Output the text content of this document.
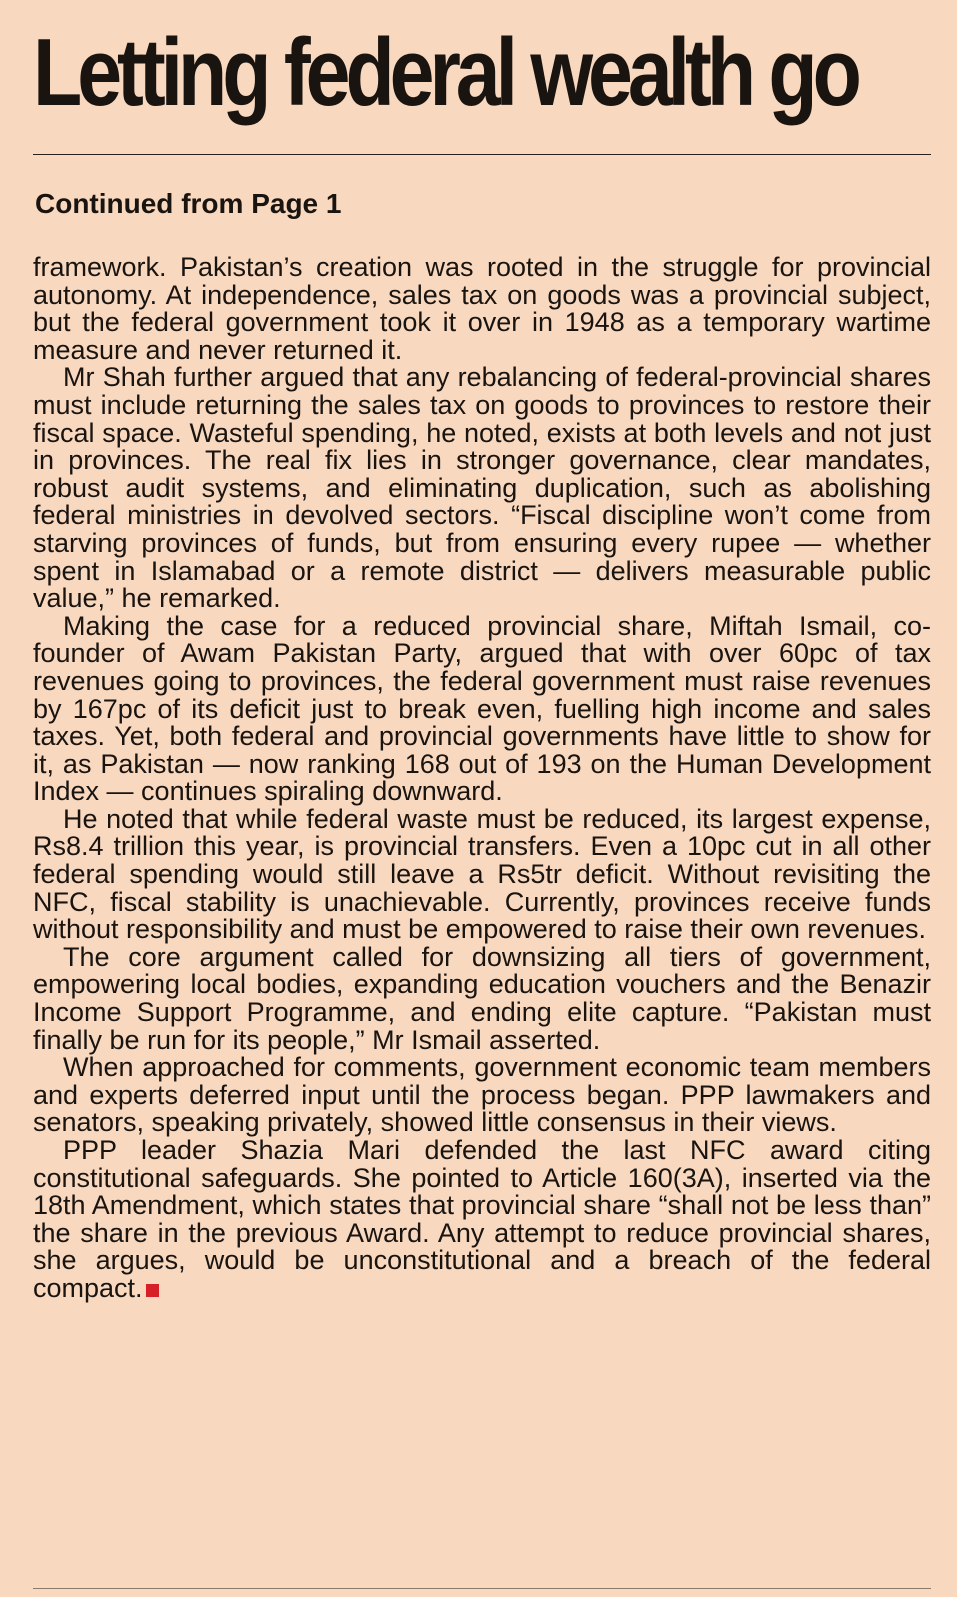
Letting federal wealth go
Continued from Page 1

framework. Pakistan’s creation was rooted in the struggle for provincial autonomy. At independence, sales tax on goods was a provincial subject, but the federal government took it over in 1948 as a temporary wartime measure and never returned it.

Mr Shah further argued that any rebalancing of federal-provincial shares must include returning the sales tax on goods to provinces to restore their fiscal space. Wasteful spending, he noted, exists at both levels and not just in provinces. The real fix lies in stronger governance, clear mandates, robust audit systems, and eliminating duplication, such as abolishing federal ministries in devolved sectors. “Fiscal discipline won’t come from starving provinces of funds, but from ensuring every rupee — whether spent in Islamabad or a remote district — delivers measurable public value,” he remarked.

Making the case for a reduced provincial share, Miftah Ismail, co-founder of Awam Pakistan Party, argued that with over 60pc of tax revenues going to provinces, the federal government must raise revenues by 167pc of its deficit just to break even, fuelling high income and sales taxes. Yet, both federal and provincial governments have little to show for it, as Pakistan — now ranking 168 out of 193 on the Human Development Index — continues spiraling downward.

He noted that while federal waste must be reduced, its largest expense, Rs8.4 trillion this year, is provincial transfers. Even a 10pc cut in all other federal spending would still leave a Rs5tr deficit. Without revisiting the NFC, fiscal stability is unachievable. Currently, provinces receive funds without responsibility and must be empowered to raise their own revenues.

The core argument called for downsizing all tiers of government, empowering local bodies, expanding education vouchers and the Benazir Income Support Programme, and ending elite capture. “Pakistan must finally be run for its people,” Mr Ismail asserted.

When approached for comments, government economic team members and experts deferred input until the process began. PPP lawmakers and senators, speaking privately, showed little consensus in their views.

PPP leader Shazia Mari defended the last NFC award citing constitutional safeguards. She pointed to Article 160(3A), inserted via the 18th Amendment, which states that provincial share “shall not be less than” the share in the previous Award. Any attempt to reduce provincial shares, she argues, would be unconstitutional and a breach of the federal compact.
